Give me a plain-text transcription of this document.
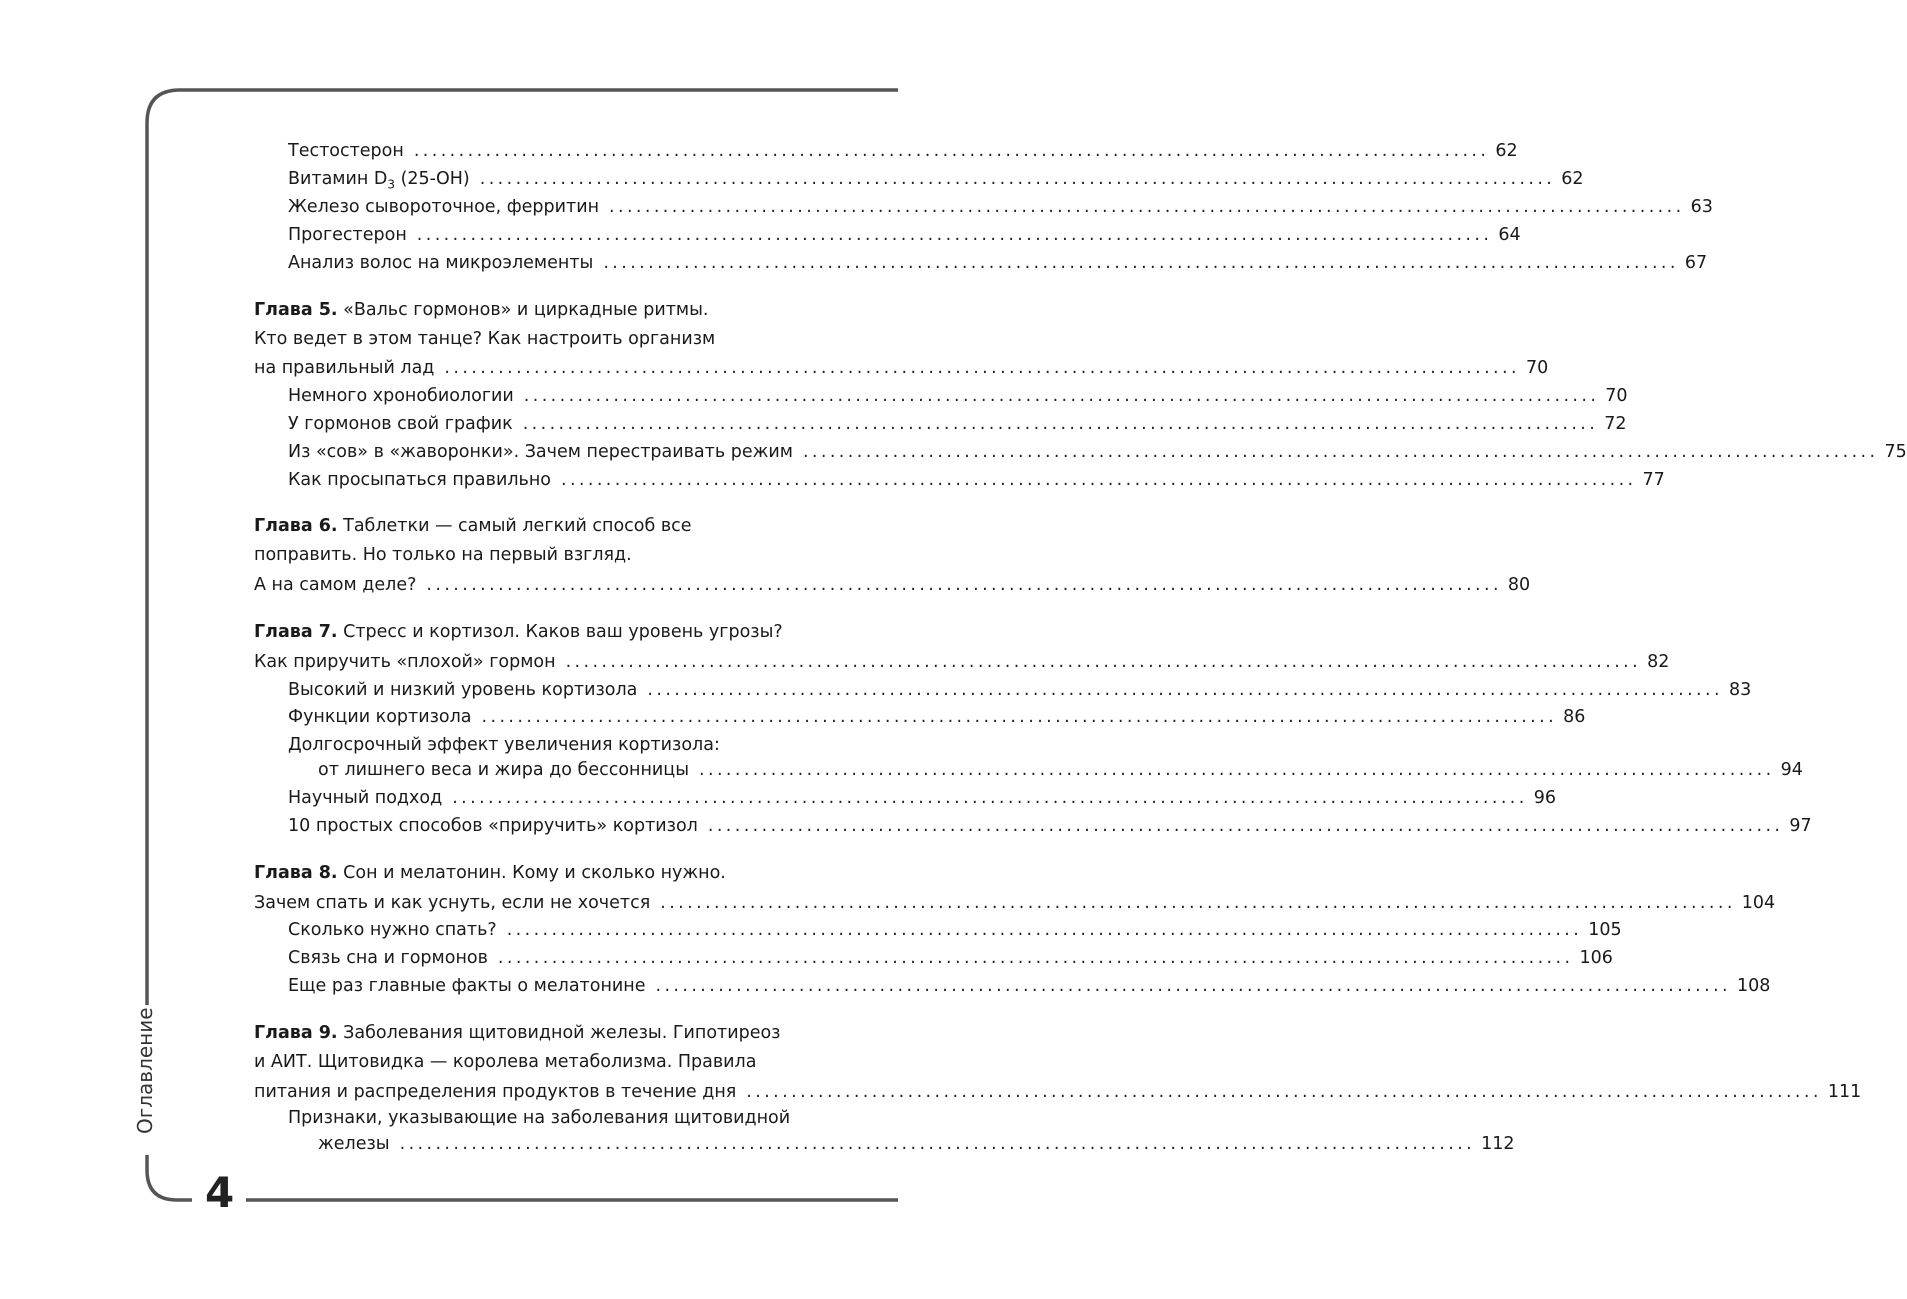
Оглавление
4
Тестостерон ........................................................................................................................ 62
Витамин $D_3$ (25-ОН) ........................................................................................................................ 62
Железо сывороточное, ферритин ........................................................................................................................ 63
Прогестерон ........................................................................................................................ 64
Анализ волос на микроэлементы ........................................................................................................................ 67
Глава 5. «Вальс гормонов» и циркадные ритмы.
Кто ведет в этом танце? Как настроить организм
на правильный лад ........................................................................................................................ 70
Немного хронобиологии ........................................................................................................................ 70
У гормонов свой график ........................................................................................................................ 72
Из «сов» в «жаворонки». Зачем перестраивать режим ........................................................................................................................ 75
Как просыпаться правильно ........................................................................................................................ 77
Глава 6. Таблетки — самый легкий способ все
поправить. Но только на первый взгляд.
А на самом деле? ........................................................................................................................ 80
Глава 7. Стресс и кортизол. Каков ваш уровень угрозы?
Как приручить «плохой» гормон ........................................................................................................................ 82
Высокий и низкий уровень кортизола ........................................................................................................................ 83
Функции кортизола ........................................................................................................................ 86
Долгосрочный эффект увеличения кортизола:
от лишнего веса и жира до бессонницы ........................................................................................................................ 94
Научный подход ........................................................................................................................ 96
10 простых способов «приручить» кортизол ........................................................................................................................ 97
Глава 8. Сон и мелатонин. Кому и сколько нужно.
Зачем спать и как уснуть, если не хочется ........................................................................................................................ 104
Сколько нужно спать? ........................................................................................................................ 105
Связь сна и гормонов ........................................................................................................................ 106
Еще раз главные факты о мелатонине ........................................................................................................................ 108
Глава 9. Заболевания щитовидной железы. Гипотиреоз
и АИТ. Щитовидка — королева метаболизма. Правила
питания и распределения продуктов в течение дня ........................................................................................................................ 111
Признаки, указывающие на заболевания щитовидной
железы ........................................................................................................................ 112
